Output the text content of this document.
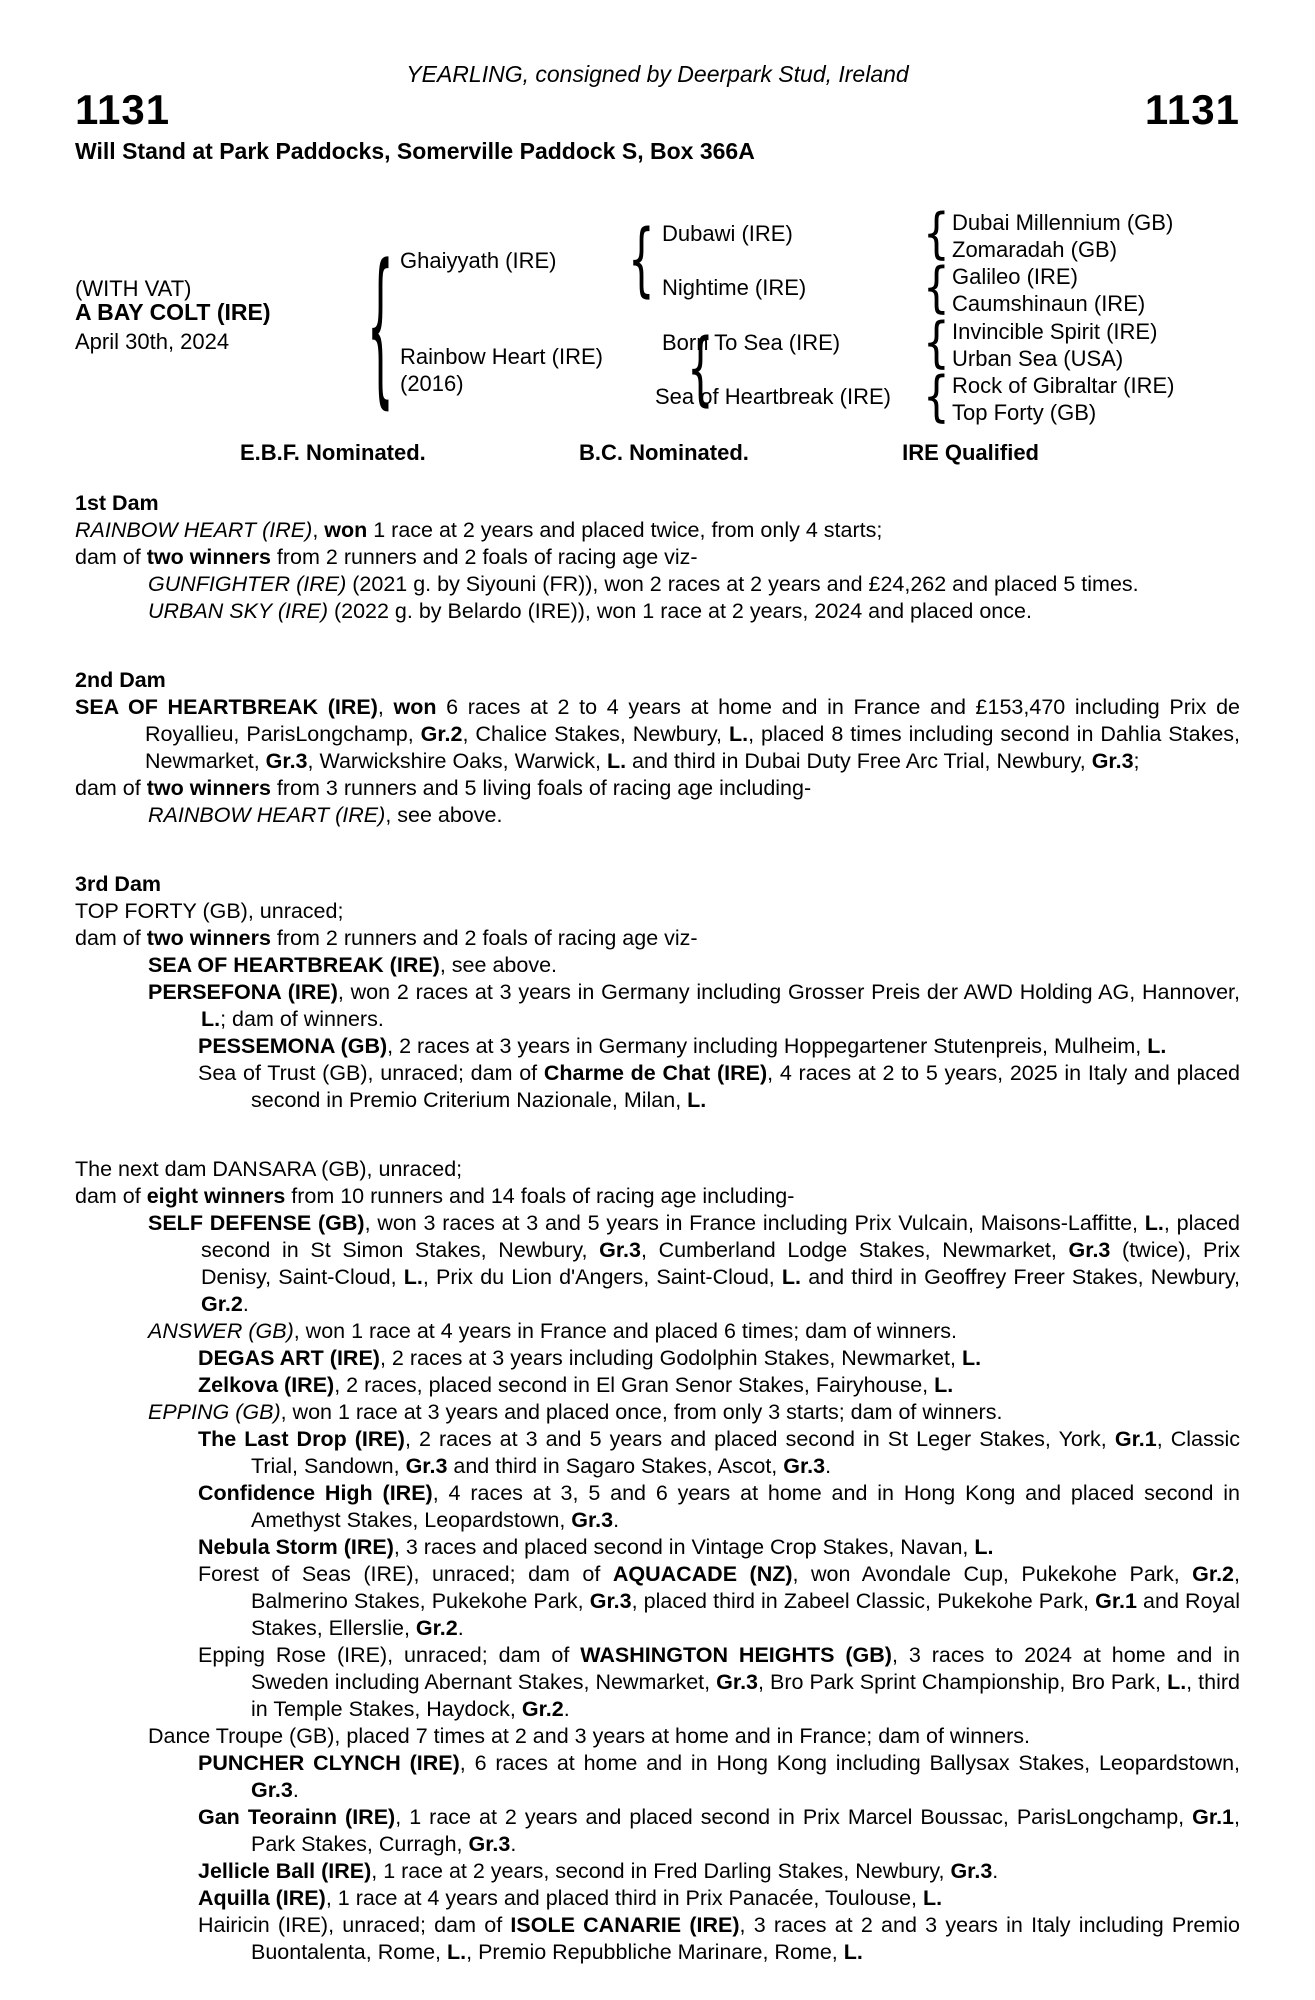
YEARLING, consigned by Deerpark Stud, Ireland
1131	1131
Will Stand at Park Paddocks, Somerville Paddock S, Box 366A
(WITH VAT)
A BAY COLT (IRE)
April 30th, 2024
Ghaiyyath (IRE)
Rainbow Heart (IRE)
(2016)
Dubawi (IRE)
Nightime (IRE)
Born To Sea (IRE)
Sea of Heartbreak (IRE)
Dubai Millennium (GB)
Zomaradah (GB)
Galileo (IRE)
Caumshinaun (IRE)
Invincible Spirit (IRE)
Urban Sea (USA)
Rock of Gibraltar (IRE)
Top Forty (GB)
{	{
{
{
{
{
{
E.B.F. Nominated.	B.C. Nominated.	IRE Qualified
1st Dam
RAINBOW HEART (IRE), won 1 race at 2 years and placed twice, from only 4 starts;
dam of two winners from 2 runners and 2 foals of racing age viz-
GUNFIGHTER (IRE) (2021 g. by Siyouni (FR)), won 2 races at 2 years and £24,262 and placed 5 times.
URBAN SKY (IRE) (2022 g. by Belardo (IRE)), won 1 race at 2 years, 2024 and placed once.
2nd Dam
SEA OF HEARTBREAK (IRE), won 6 races at 2 to 4 years at home and in France and £153,470 including Prix de Royallieu, ParisLongchamp, Gr.2, Chalice Stakes, Newbury, L., placed 8 times including second in Dahlia Stakes, Newmarket, Gr.3, Warwickshire Oaks, Warwick, L. and third in Dubai Duty Free Arc Trial, Newbury, Gr.3;
dam of two winners from 3 runners and 5 living foals of racing age including-
RAINBOW HEART (IRE), see above.
3rd Dam
TOP FORTY (GB), unraced;
dam of two winners from 2 runners and 2 foals of racing age viz-
SEA OF HEARTBREAK (IRE), see above.
PERSEFONA (IRE), won 2 races at 3 years in Germany including Grosser Preis der AWD Holding AG, Hannover, L.; dam of winners.
PESSEMONA (GB), 2 races at 3 years in Germany including Hoppegartener Stutenpreis, Mulheim, L.
Sea of Trust (GB), unraced; dam of Charme de Chat (IRE), 4 races at 2 to 5 years, 2025 in Italy and placed second in Premio Criterium Nazionale, Milan, L.
The next dam DANSARA (GB), unraced;
dam of eight winners from 10 runners and 14 foals of racing age including-
SELF DEFENSE (GB), won 3 races at 3 and 5 years in France including Prix Vulcain, Maisons-Laffitte, L., placed second in St Simon Stakes, Newbury, Gr.3, Cumberland Lodge Stakes, Newmarket, Gr.3 (twice), Prix Denisy, Saint-Cloud, L., Prix du Lion d'Angers, Saint-Cloud, L. and third in Geoffrey Freer Stakes, Newbury, Gr.2.
ANSWER (GB), won 1 race at 4 years in France and placed 6 times; dam of winners.
DEGAS ART (IRE), 2 races at 3 years including Godolphin Stakes, Newmarket, L.
Zelkova (IRE), 2 races, placed second in El Gran Senor Stakes, Fairyhouse, L.
EPPING (GB), won 1 race at 3 years and placed once, from only 3 starts; dam of winners.
The Last Drop (IRE), 2 races at 3 and 5 years and placed second in St Leger Stakes, York, Gr.1, Classic Trial, Sandown, Gr.3 and third in Sagaro Stakes, Ascot, Gr.3.
Confidence High (IRE), 4 races at 3, 5 and 6 years at home and in Hong Kong and placed second in Amethyst Stakes, Leopardstown, Gr.3.
Nebula Storm (IRE), 3 races and placed second in Vintage Crop Stakes, Navan, L.
Forest of Seas (IRE), unraced; dam of AQUACADE (NZ), won Avondale Cup, Pukekohe Park, Gr.2, Balmerino Stakes, Pukekohe Park, Gr.3, placed third in Zabeel Classic, Pukekohe Park, Gr.1 and Royal Stakes, Ellerslie, Gr.2.
Epping Rose (IRE), unraced; dam of WASHINGTON HEIGHTS (GB), 3 races to 2024 at home and in Sweden including Abernant Stakes, Newmarket, Gr.3, Bro Park Sprint Championship, Bro Park, L., third in Temple Stakes, Haydock, Gr.2.
Dance Troupe (GB), placed 7 times at 2 and 3 years at home and in France; dam of winners.
PUNCHER CLYNCH (IRE), 6 races at home and in Hong Kong including Ballysax Stakes, Leopardstown, Gr.3.
Gan Teorainn (IRE), 1 race at 2 years and placed second in Prix Marcel Boussac, ParisLongchamp, Gr.1, Park Stakes, Curragh, Gr.3.
Jellicle Ball (IRE), 1 race at 2 years, second in Fred Darling Stakes, Newbury, Gr.3.
Aquilla (IRE), 1 race at 4 years and placed third in Prix Panacée, Toulouse, L.
Hairicin (IRE), unraced; dam of ISOLE CANARIE (IRE), 3 races at 2 and 3 years in Italy including Premio Buontalenta, Rome, L., Premio Repubbliche Marinare, Rome, L.
